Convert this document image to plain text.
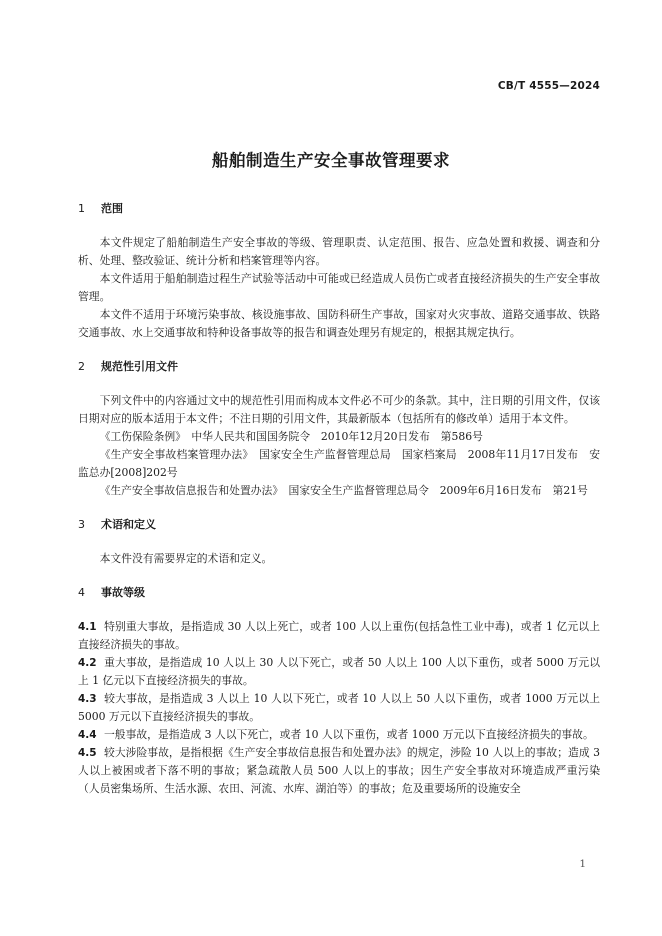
CB/T 4555—2024
船舶制造生产安全事故管理要求
1	范围

本文件规定了船舶制造生产安全事故的等级、管理职责、认定范围、报告、应急处置和救援、调查和分析、处理、整改验证、统计分析和档案管理等内容。

本文件适用于船舶制造过程生产试验等活动中可能或已经造成人员伤亡或者直接经济损失的生产安全事故管理。

本文件不适用于环境污染事故、核设施事故、国防科研生产事故，国家对火灾事故、道路交通事故、铁路交通事故、水上交通事故和特种设备事故等的报告和调查处理另有规定的，根据其规定执行。

2	规范性引用文件

下列文件中的内容通过文中的规范性引用而构成本文件必不可少的条款。其中，注日期的引用文件，仅该日期对应的版本适用于本文件；不注日期的引用文件，其最新版本（包括所有的修改单）适用于本文件。

《工伤保险条例》　中华人民共和国国务院令　2010年12月20日发布　第586号

《生产安全事故档案管理办法》　国家安全生产监督管理总局　国家档案局　2008年11月17日发布　安监总办[2008]202号

《生产安全事故信息报告和处置办法》　国家安全生产监督管理总局令　2009年6月16日发布　第21号

3	术语和定义

本文件没有需要界定的术语和定义。

4	事故等级

4.1 特别重大事故，是指造成 30 人以上死亡，或者 100 人以上重伤(包括急性工业中毒)，或者 1 亿元以上直接经济损失的事故。

4.2 重大事故，是指造成 10 人以上 30 人以下死亡，或者 50 人以上 100 人以下重伤，或者 5000 万元以上 1 亿元以下直接经济损失的事故。

4.3 较大事故，是指造成 3 人以上 10 人以下死亡，或者 10 人以上 50 人以下重伤，或者 1000 万元以上 5000 万元以下直接经济损失的事故。

4.4 一般事故，是指造成 3 人以下死亡，或者 10 人以下重伤，或者 1000 万元以下直接经济损失的事故。

4.5 较大涉险事故，是指根据《生产安全事故信息报告和处置办法》的规定，涉险 10 人以上的事故；造成 3 人以上被困或者下落不明的事故；紧急疏散人员 500 人以上的事故；因生产安全事故对环境造成严重污染（人员密集场所、生活水源、农田、河流、水库、湖泊等）的事故；危及重要场所的设施安全

1
